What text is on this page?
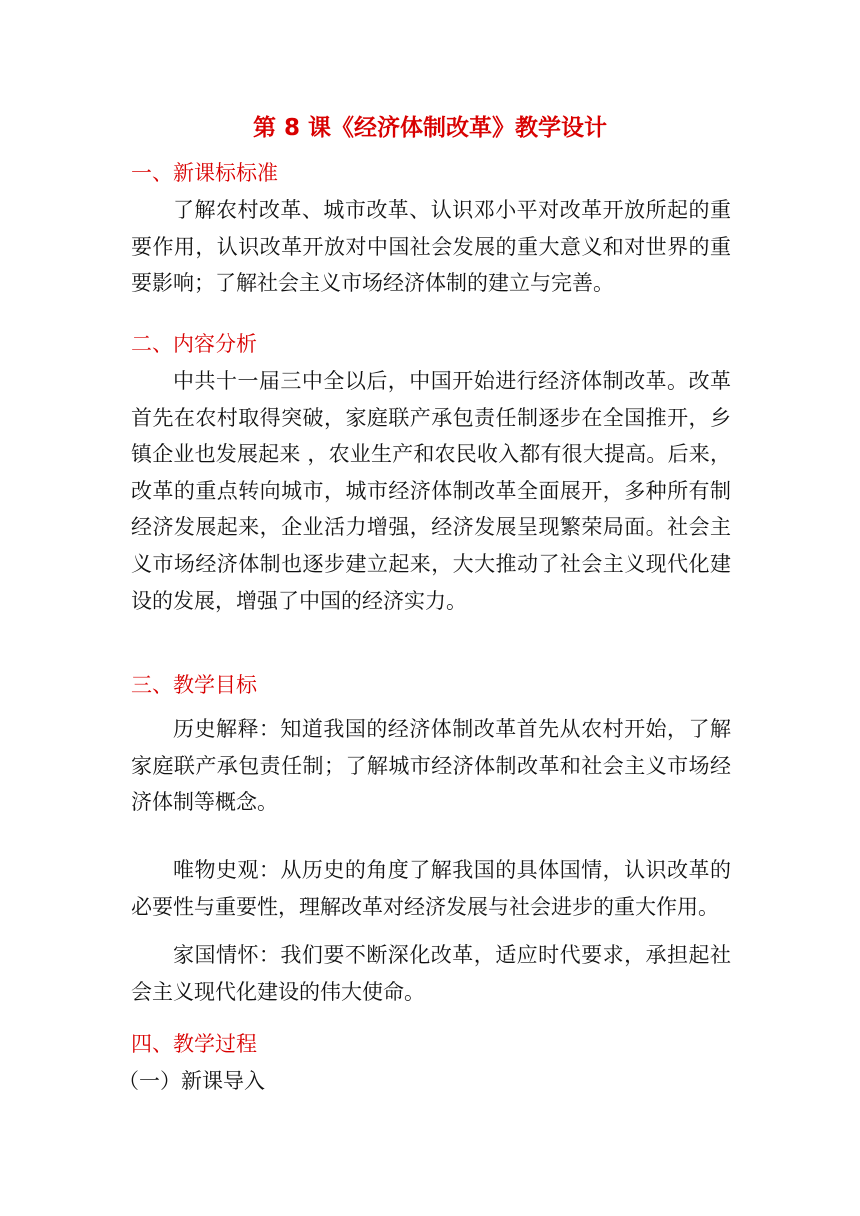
第 8 课《经济体制改革》教学设计
一、新课标标准
了解农村改革、城市改革、认识邓小平对改革开放所起的重要作用，认识改革开放对中国社会发展的重大意义和对世界的重要影响；了解社会主义市场经济体制的建立与完善。
二、内容分析
中共十一届三中全以后，中国开始进行经济体制改革。改革首先在农村取得突破，家庭联产承包责任制逐步在全国推开，乡镇企业也发展起来 ，农业生产和农民收入都有很大提高。后来，改革的重点转向城市，城市经济体制改革全面展开，多种所有制经济发展起来，企业活力增强，经济发展呈现繁荣局面。社会主义市场经济体制也逐步建立起来，大大推动了社会主义现代化建设的发展，增强了中国的经济实力。
三、教学目标
历史解释：知道我国的经济体制改革首先从农村开始，了解家庭联产承包责任制；了解城市经济体制改革和社会主义市场经济体制等概念。
唯物史观：从历史的角度了解我国的具体国情，认识改革的必要性与重要性，理解改革对经济发展与社会进步的重大作用。
家国情怀：我们要不断深化改革，适应时代要求，承担起社会主义现代化建设的伟大使命。
四、教学过程
（一）新课导入
